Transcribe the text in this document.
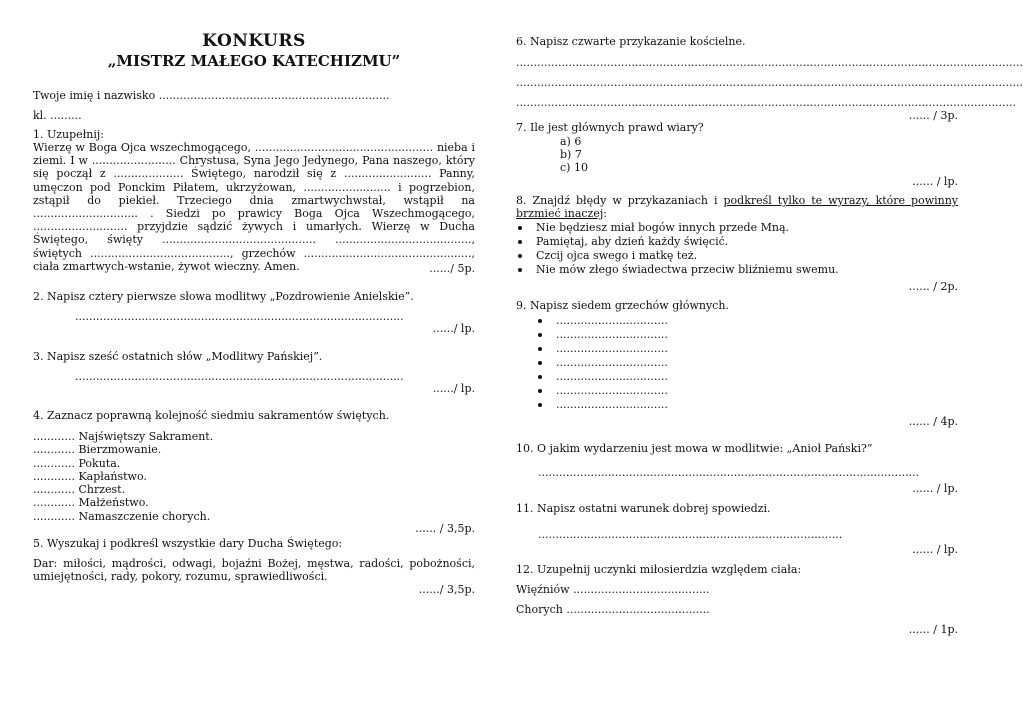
KONKURS
„MISTRZ MAŁEGO KATECHIZMU”
Twoje imię i nazwisko ..................................................................
kl. .........
1. Uzupełnij:
Wierzę w Boga Ojca wszechmogącego, ................................................... nieba i ziemi. I w ........................ Chrystusa, Syna Jego Jedynego, Pana naszego, który się począł z .................... Świętego, narodził się z ......................... Panny, umęczon pod Ponckim Piłatem, ukrzyżowan, ......................... i pogrzebion, zstąpił do piekieł. Trzeciego dnia zmartwychwstał, wstąpił na .............................. . Siedzi po prawicy Boga Ojca Wszechmogącego, ........................... przyjdzie sądzić żywych i umarłych. Wierzę w Ducha Świętego, święty ............................................ ......................................., świętych ........................................, grzechów ................................................, ciała zmartwych-wstanie, żywot wieczny. Amen.	....../ 5p.
2. Napisz cztery pierwsze słowa modlitwy „Pozdrowienie Anielskie”.
..............................................................................................
....../ lp.
3. Napisz sześć ostatnich słów „Modlitwy Pańskiej”.
..............................................................................................
....../ lp.
4. Zaznacz poprawną kolejność siedmiu sakramentów świętych.
............ Najświętszy Sakrament.
............ Bierzmowanie.
............ Pokuta.
............ Kapłaństwo.
............ Chrzest.
............ Małżeństwo.
............ Namaszczenie chorych.
...... / 3,5p.
5. Wyszukaj i podkreśl wszystkie dary Ducha Świętego:
Dar: miłości, mądrości, odwagi, bojaźni Bożej, męstwa, radości, pobożności, umiejętności, rady, pokory, rozumu, sprawiedliwości.
....../ 3,5p.
6. Napisz czwarte przykazanie kościelne.
.................................................................................................................................................
.................................................................................................................................................
...............................................................................................................................................
...... / 3p.
7. Ile jest głównych prawd wiary?
a) 6
b) 7
c) 10
...... / lp.
8. Znajdź błędy w przykazaniach i podkreśl tylko te wyrazy, które powinny brzmieć inaczej:
Nie będziesz miał bogów innych przede Mną.
Pamiętaj, aby dzień każdy święcić.
Czcij ojca swego i matkę też.
Nie mów złego świadectwa przeciw bliźniemu swemu.
...... / 2p.
9. Napisz siedem grzechów głównych.
................................
................................
................................
................................
................................
................................
................................
...... / 4p.
10. O jakim wydarzeniu jest mowa w modlitwie: „Anioł Pański?”
.............................................................................................................
...... / lp.
11. Napisz ostatni warunek dobrej spowiedzi.
.......................................................................................
...... / lp.
12. Uzupełnij uczynki miłosierdzia względem ciała:
Więźniów .......................................
Chorych .........................................
...... / 1p.
